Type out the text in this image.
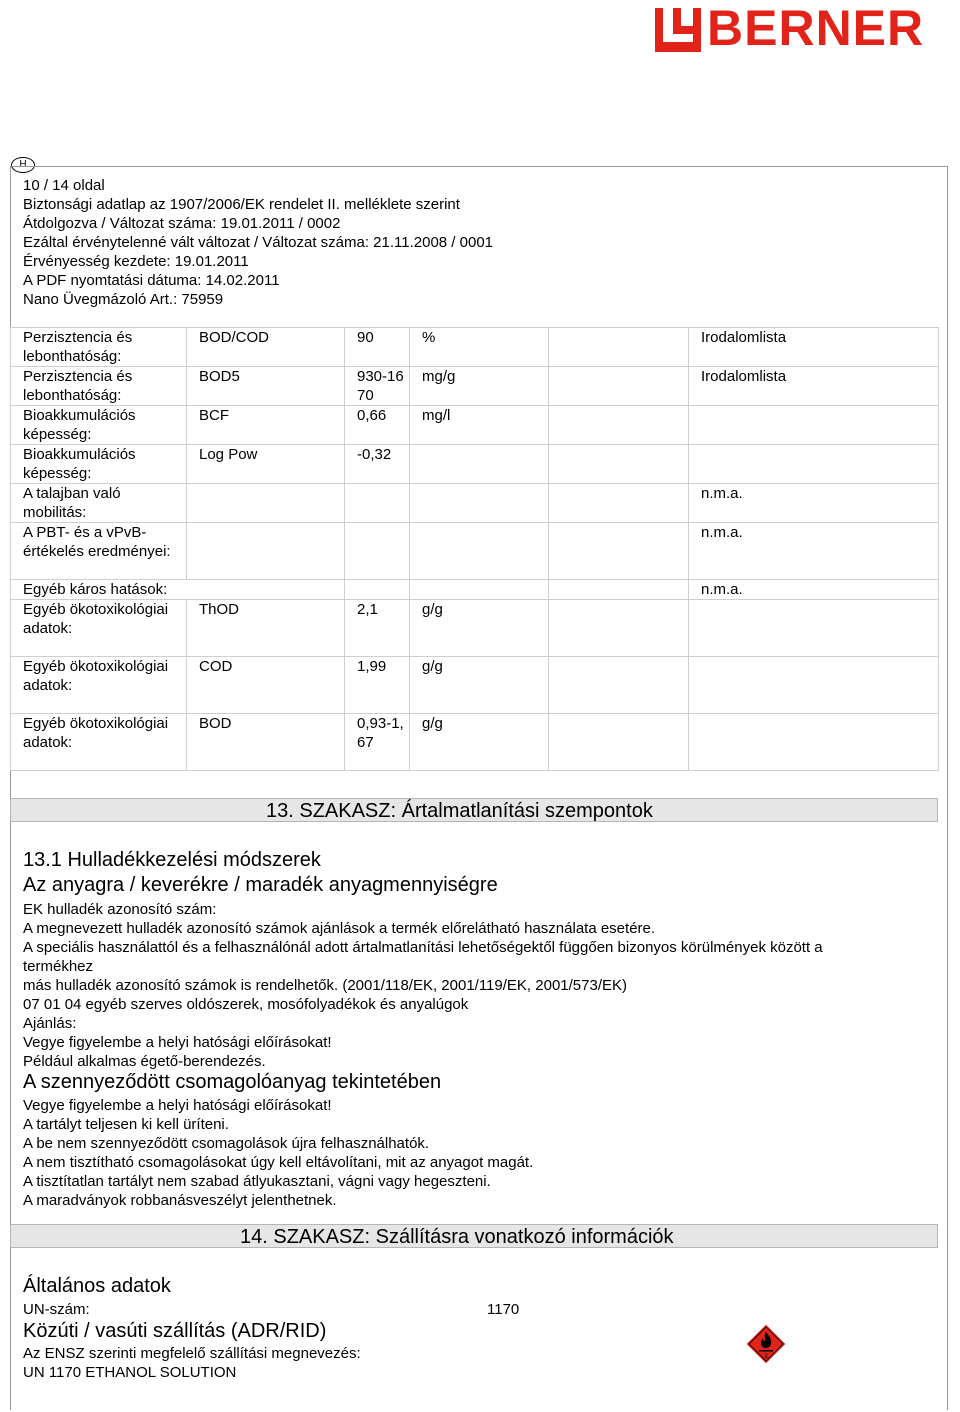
BERNER
H
10 / 14 oldal
Biztonsági adatlap az 1907/2006/EK rendelet II. melléklete szerint
Átdolgozva / Változat száma: 19.01.2011 / 0002
Ezáltal érvénytelenné vált változat / Változat száma: 21.11.2008 / 0001
Érvényesség kezdete: 19.01.2011
A PDF nyomtatási dátuma: 14.02.2011
Nano Üvegmázoló Art.: 75959
Perzisztencia és lebonthatóság:	BOD/COD	90	%		Irodalomlista
Perzisztencia és lebonthatóság:	BOD5	930-1670	mg/g		Irodalomlista
Bioakkumulációs képesség:	BCF	0,66	mg/l		
Bioakkumulációs képesség:	Log Pow	-0,32			
A talajban való mobilitás:					n.m.a.
A PBT- és a vPvB-értékelés eredményei:					n.m.a.
Egyéb káros hatások:					n.m.a.
Egyéb ökotoxikológiai adatok:	ThOD	2,1	g/g		
Egyéb ökotoxikológiai adatok:	COD	1,99	g/g		
Egyéb ökotoxikológiai adatok:	BOD	0,93-1,67	g/g		
13. SZAKASZ: Ártalmatlanítási szempontok
13.1 Hulladékkezelési módszerek
Az anyagra / keverékre / maradék anyagmennyiségre
EK hulladék azonosító szám:
A megnevezett hulladék azonosító számok ajánlások a termék előrelátható használata esetére.
A speciális használattól és a felhasználónál adott ártalmatlanítási lehetőségektől függően bizonyos körülmények között a
termékhez
más hulladék azonosító számok is rendelhetők. (2001/118/EK, 2001/119/EK, 2001/573/EK)
07 01 04 egyéb szerves oldószerek, mosófolyadékok és anyalúgok
Ajánlás:
Vegye figyelembe a helyi hatósági előírásokat!
Például alkalmas égető-berendezés.
A szennyeződött csomagolóanyag tekintetében
Vegye figyelembe a helyi hatósági előírásokat!
A tartályt teljesen ki kell üríteni.
A be nem szennyeződött csomagolások újra felhasználhatók.
A nem tisztítható csomagolásokat úgy kell eltávolítani, mit az anyagot magát.
A tisztítatlan tartályt nem szabad átlyukasztani, vágni vagy hegeszteni.
A maradványok robbanásveszélyt jelenthetnek.
14. SZAKASZ: Szállításra vonatkozó információk
Általános adatok
UN-szám:	1170
Közúti / vasúti szállítás (ADR/RID)
Az ENSZ szerinti megfelelő szállítási megnevezés:
UN 1170 ETHANOL SOLUTION
3
